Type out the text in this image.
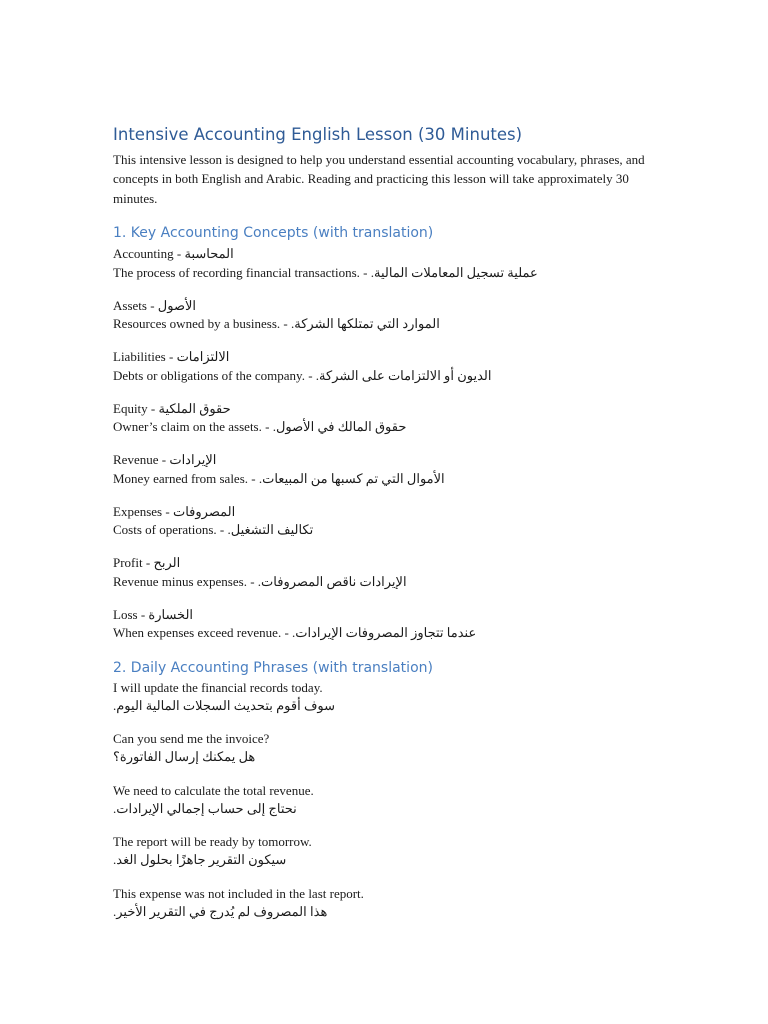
Intensive Accounting English Lesson (30 Minutes)

This intensive lesson is designed to help you understand essential accounting vocabulary, phrases, and concepts in both English and Arabic. Reading and practicing this lesson will take approximately 30 minutes.

1. Key Accounting Concepts (with translation)
Accounting - المحاسبة
The process of recording financial transactions. - عملية تسجيل المعاملات المالية.
Assets - الأصول
Resources owned by a business. - الموارد التي تمتلكها الشركة.
Liabilities - الالتزامات
Debts or obligations of the company. - الديون أو الالتزامات على الشركة.
Equity - حقوق الملكية
Owner’s claim on the assets. - حقوق المالك في الأصول.
Revenue - الإيرادات
Money earned from sales. - الأموال التي تم كسبها من المبيعات.
Expenses - المصروفات
Costs of operations. - تكاليف التشغيل.
Profit - الربح
Revenue minus expenses. - الإيرادات ناقص المصروفات.
Loss - الخسارة
When expenses exceed revenue. - عندما تتجاوز المصروفات الإيرادات.
2. Daily Accounting Phrases (with translation)
I will update the financial records today.
سوف أقوم بتحديث السجلات المالية اليوم.
Can you send me the invoice?
هل يمكنك إرسال الفاتورة؟
We need to calculate the total revenue.
نحتاج إلى حساب إجمالي الإيرادات.
The report will be ready by tomorrow.
سيكون التقرير جاهزًا بحلول الغد.
This expense was not included in the last report.
هذا المصروف لم يُدرج في التقرير الأخير.
